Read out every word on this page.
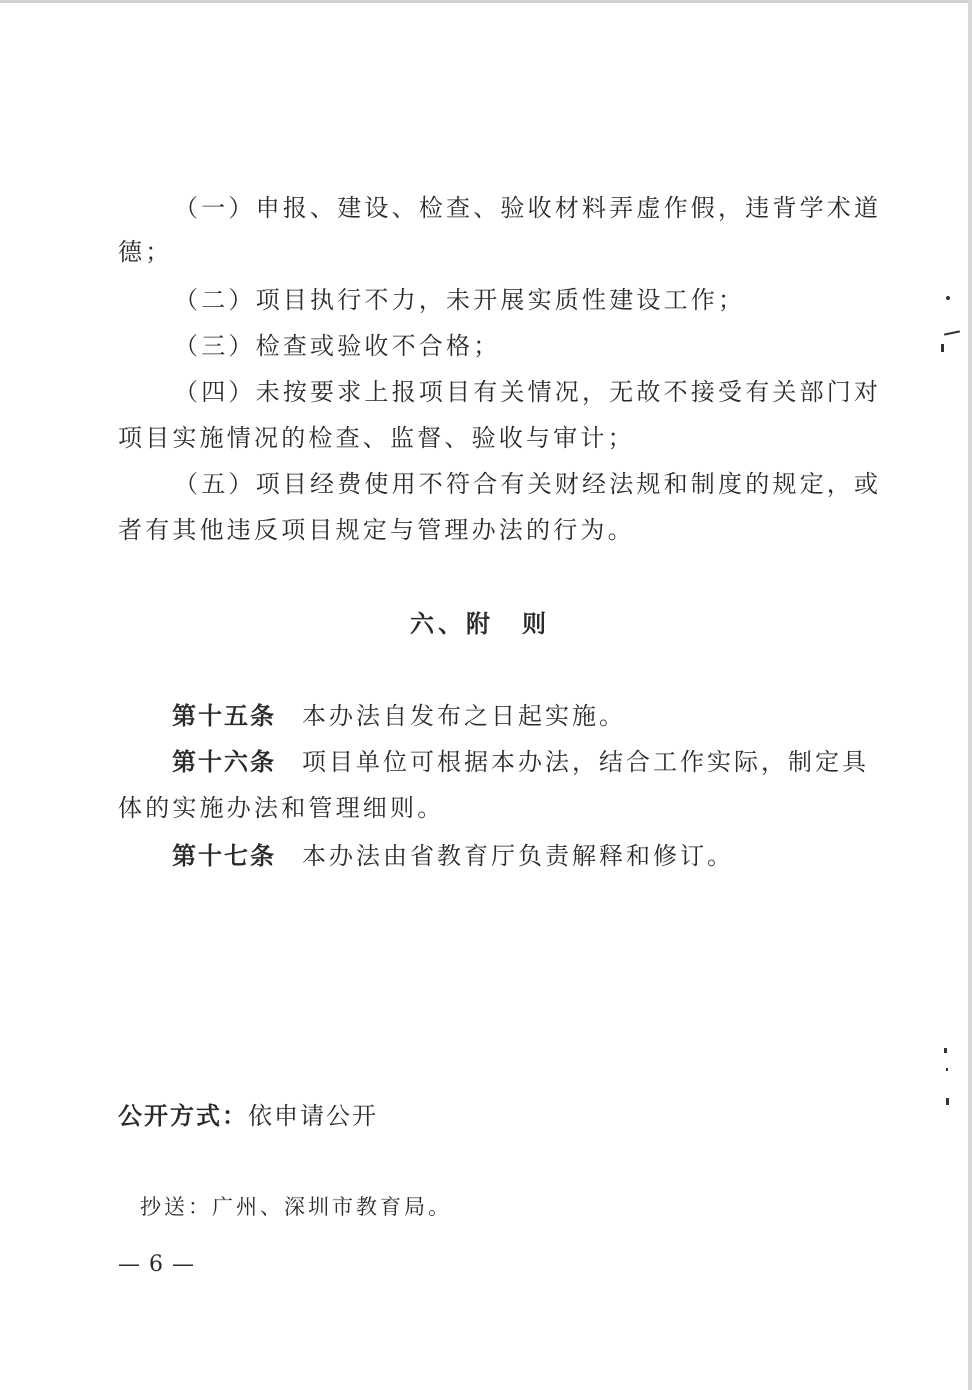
（一）申报、建设、检查、验收材料弄虚作假，违背学术道
德；
（二）项目执行不力，未开展实质性建设工作；
（三）检查或验收不合格；
（四）未按要求上报项目有关情况，无故不接受有关部门对
项目实施情况的检查、监督、验收与审计；
（五）项目经费使用不符合有关财经法规和制度的规定，或
者有其他违反项目规定与管理办法的行为。
六、附　则
第十五条 本办法自发布之日起实施。
第十六条 项目单位可根据本办法，结合工作实际，制定具
体的实施办法和管理细则。
第十七条 本办法由省教育厅负责解释和修订。
公开方式：依申请公开
抄送：广州、深圳市教育局。
— 6 —
